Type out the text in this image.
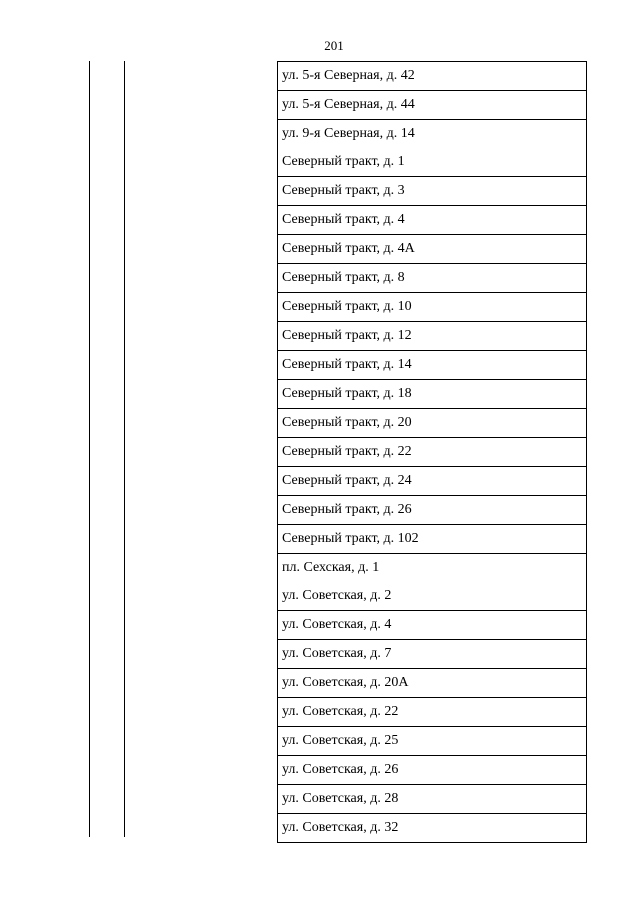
201
ул. 5-я Северная, д. 42
ул. 5-я Северная, д. 44
ул. 9-я Северная, д. 14
Северный тракт, д. 1
Северный тракт, д. 3
Северный тракт, д. 4
Северный тракт, д. 4А
Северный тракт, д. 8
Северный тракт, д. 10
Северный тракт, д. 12
Северный тракт, д. 14
Северный тракт, д. 18
Северный тракт, д. 20
Северный тракт, д. 22
Северный тракт, д. 24
Северный тракт, д. 26
Северный тракт, д. 102
пл. Сехская, д. 1
ул. Советская, д. 2
ул. Советская, д. 4
ул. Советская, д. 7
ул. Советская, д. 20А
ул. Советская, д. 22
ул. Советская, д. 25
ул. Советская, д. 26
ул. Советская, д. 28
ул. Советская, д. 32
